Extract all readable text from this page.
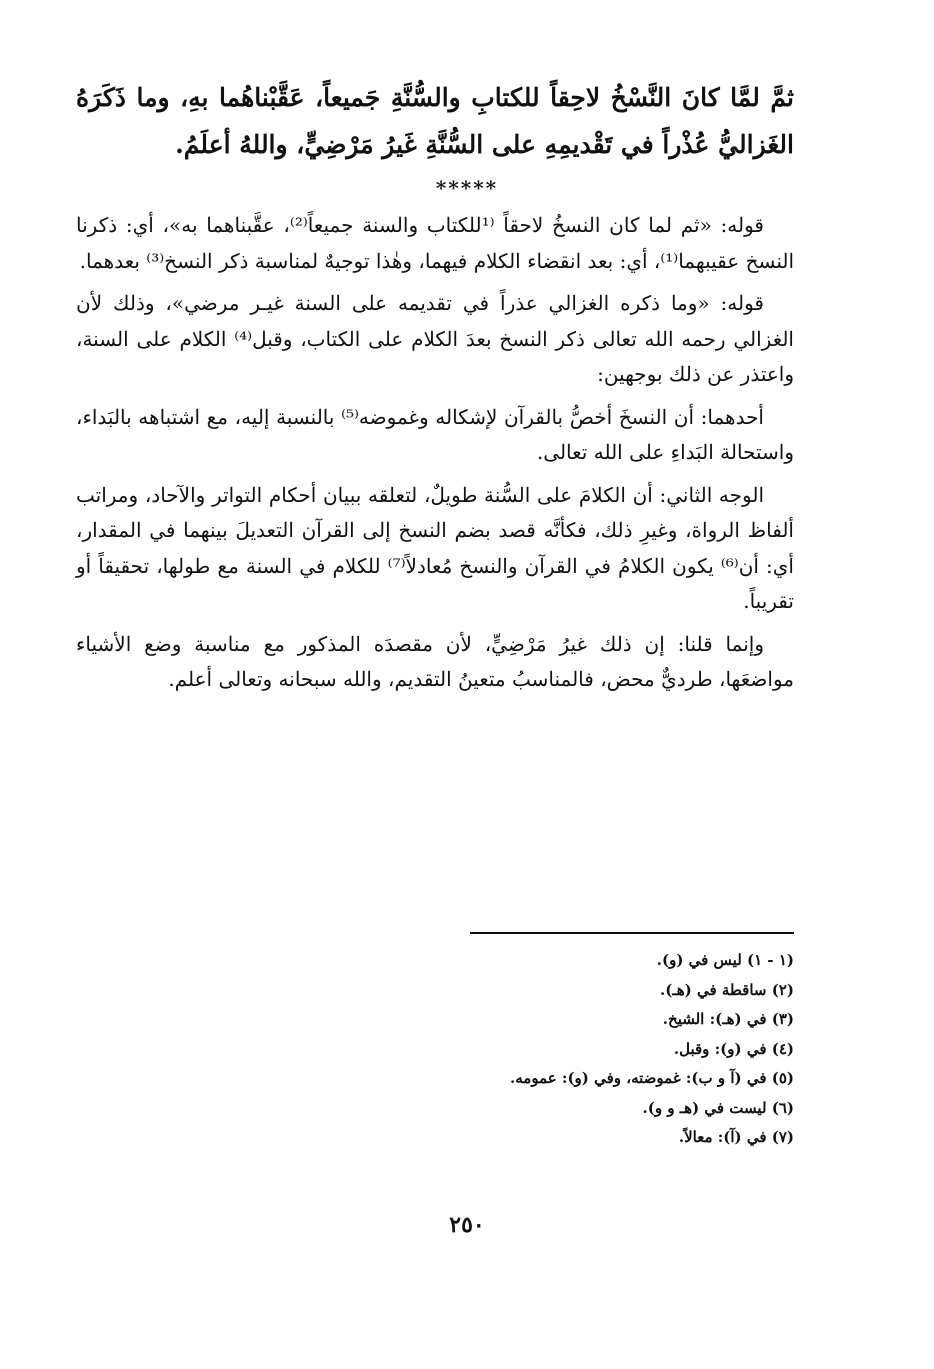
ثمَّ لمَّا كانَ النَّسْخُ لاحِقاً للكتابِ والسُّنَّةِ جَميعاً، عَقَّبْناهُما بهِ، وما ذَكَرَهُ الغَزاليُّ عُذْراً في تَقْديمِهِ على السُّنَّةِ غَيرُ مَرْضِيٍّ، واللهُ أعلَمُ.

*****

قوله: «ثم لما كان النسخُ لاحقاً ⁽¹للكتاب والسنة جميعاً⁽²⁾، عقَّبناهما به»، أي: ذكرنا النسخ عقيبهما⁽¹⁾، أي: بعد انقضاء الكلام فيهما، وهٰذا توجيهٌ لمناسبة ذكر النسخ⁽³⁾ بعدهما.

قوله: «وما ذكره الغزالي عذراً في تقديمه على السنة غيـر مرضي»، وذلك لأن الغزالي رحمه الله تعالى ذكر النسخ بعدَ الكلام على الكتاب، وقبل⁽⁴⁾ الكلام على السنة، واعتذر عن ذلك بوجهين:

أحدهما: أن النسخَ أخصُّ بالقرآن لإشكاله وغموضه⁽⁵⁾ بالنسبة إليه، مع اشتباهه بالبَداء، واستحالة البَداءِ على الله تعالى.

الوجه الثاني: أن الكلامَ على السُّنة طويلٌ، لتعلقه ببيان أحكام التواتر والآحاد، ومراتب ألفاظ الرواة، وغيرِ ذلك، فكأنَّه قصد بضم النسخ إلى القرآن التعديلَ بينهما في المقدار، أي: أن⁽⁶⁾ يكون الكلامُ في القرآن والنسخ مُعادلاً⁽⁷⁾ للكلام في السنة مع طولها، تحقيقاً أو تقريباً.

وإنما قلنا: إن ذلك غيرُ مَرْضِيٍّ، لأن مقصدَه المذكور مع مناسبة وضع الأشياء مواضعَها، طرديٌّ محض، فالمناسبُ متعينُ التقديم، والله سبحانه وتعالى أعلم.

(١ - ١) ليس في (و).
(٢) ساقطة في (هـ).
(٣) في (هـ): الشيخ.
(٤) في (و): وقبل.
(٥) في (آ و ب): غموضته، وفي (و): عمومه.
(٦) ليست في (هـ و و).
(٧) في (آ): معالاً.
٢٥٠
